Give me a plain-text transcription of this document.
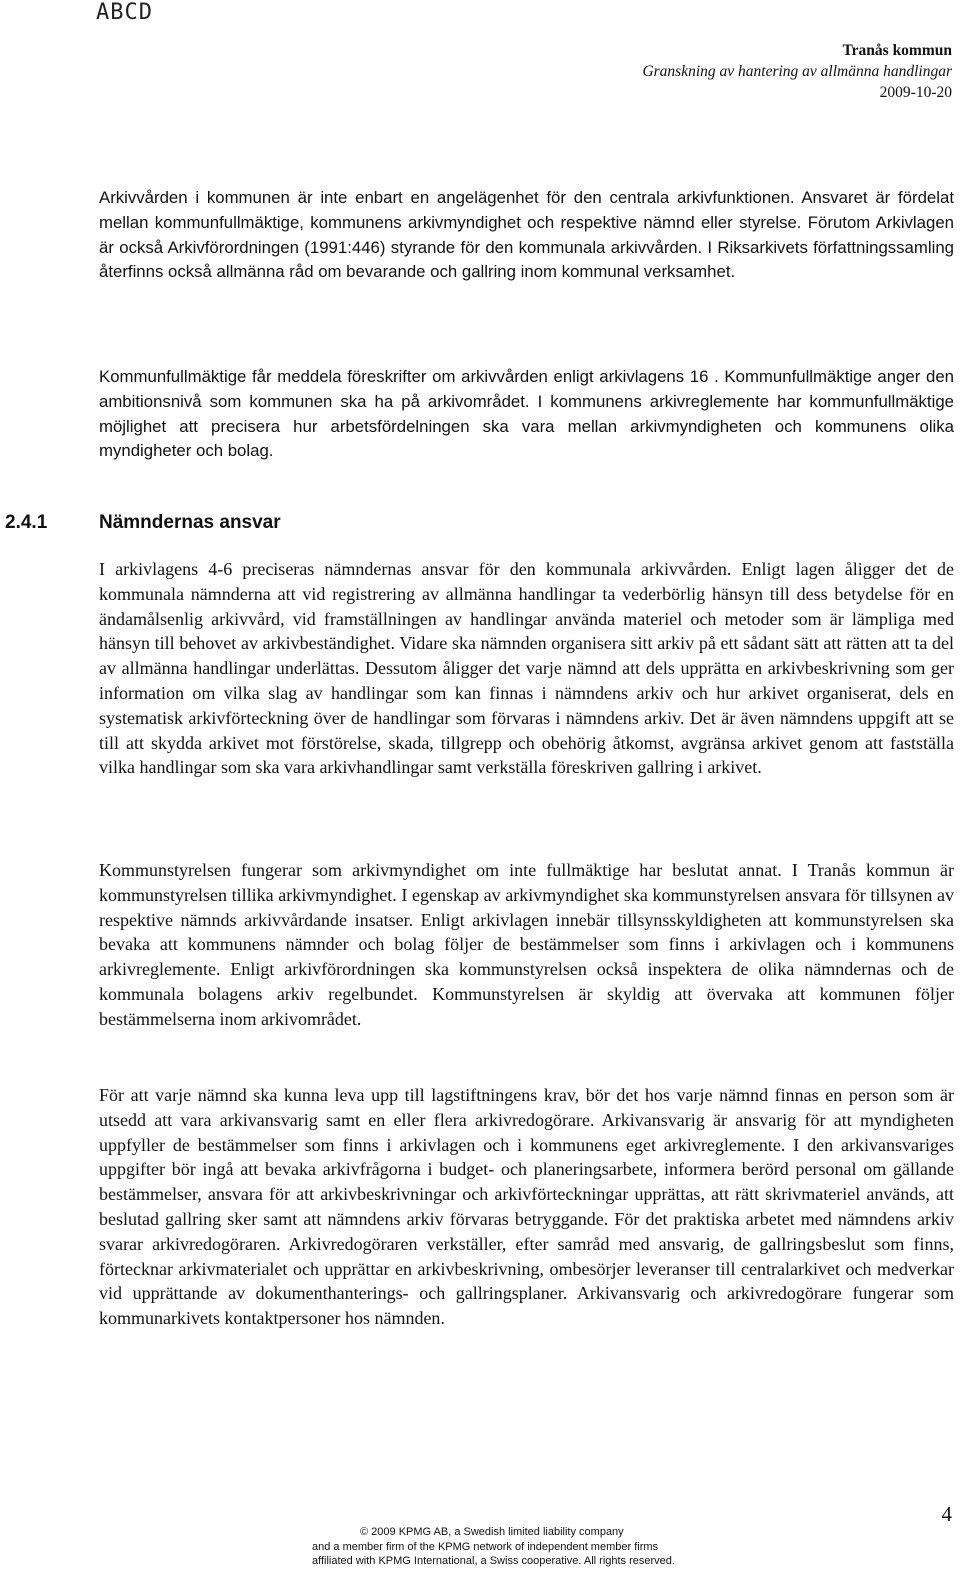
ABCD
Tranås kommun
Granskning av hantering av allmänna handlingar
2009-10-20

Arkivvården i kommunen är inte enbart en angelägenhet för den centrala arkivfunktionen. Ansvaret är fördelat mellan kommunfullmäktige, kommunens arkivmyndighet och respektive nämnd eller styrelse. Förutom Arkivlagen är också Arkivförordningen (1991:446) styrande för den kommunala arkivvården. I Riksarkivets författningssamling återfinns också allmänna råd om bevarande och gallring inom kommunal verksamhet.

Kommunfullmäktige får meddela föreskrifter om arkivvården enligt arkivlagens 16 . Kommunfullmäktige anger den ambitionsnivå som kommunen ska ha på arkivområdet. I kommunens arkivreglemente har kommunfullmäktige möjlighet att precisera hur arbetsfördelningen ska vara mellan arkivmyndigheten och kommunens olika myndigheter och bolag.

2.4.1	Nämndernas ansvar

I arkivlagens 4-6 preciseras nämndernas ansvar för den kommunala arkivvården. Enligt lagen åligger det de kommunala nämnderna att vid registrering av allmänna handlingar ta vederbörlig hänsyn till dess betydelse för en ändamålsenlig arkivvård, vid framställningen av handlingar använda materiel och metoder som är lämpliga med hänsyn till behovet av arkivbeständighet. Vidare ska nämnden organisera sitt arkiv på ett sådant sätt att rätten att ta del av allmänna handlingar underlättas. Dessutom åligger det varje nämnd att dels upprätta en arkivbeskrivning som ger information om vilka slag av handlingar som kan finnas i nämndens arkiv och hur arkivet organiserat, dels en systematisk arkivförteckning över de handlingar som förvaras i nämndens arkiv. Det är även nämndens uppgift att se till att skydda arkivet mot förstörelse, skada, tillgrepp och obehörig åtkomst, avgränsa arkivet genom att fastställa vilka handlingar som ska vara arkivhandlingar samt verkställa föreskriven gallring i arkivet.

Kommunstyrelsen fungerar som arkivmyndighet om inte fullmäktige har beslutat annat. I Tranås kommun är kommunstyrelsen tillika arkivmyndighet. I egenskap av arkivmyndighet ska kommunstyrelsen ansvara för tillsynen av respektive nämnds arkivvårdande insatser. Enligt arkivlagen innebär tillsynsskyldigheten att kommunstyrelsen ska bevaka att kommunens nämnder och bolag följer de bestämmelser som finns i arkivlagen och i kommunens arkivreglemente. Enligt arkivförordningen ska kommunstyrelsen också inspektera de olika nämndernas och de kommunala bolagens arkiv regelbundet. Kommunstyrelsen är skyldig att övervaka att kommunen följer bestämmelserna inom arkivområdet.

För att varje nämnd ska kunna leva upp till lagstiftningens krav, bör det hos varje nämnd finnas en person som är utsedd att vara arkivansvarig samt en eller flera arkivredogörare. Arkivansvarig är ansvarig för att myndigheten uppfyller de bestämmelser som finns i arkivlagen och i kommunens eget arkivreglemente. I den arkivansvariges uppgifter bör ingå att bevaka arkivfrågorna i budget- och planeringsarbete, informera berörd personal om gällande bestämmelser, ansvara för att arkivbeskrivningar och arkivförteckningar upprättas, att rätt skrivmateriel används, att beslutad gallring sker samt att nämndens arkiv förvaras betryggande. För det praktiska arbetet med nämndens arkiv svarar arkivredogöraren. Arkivredogöraren verkställer, efter samråd med ansvarig, de gallringsbeslut som finns, förtecknar arkivmaterialet och upprättar en arkivbeskrivning, ombesörjer leveranser till centralarkivet och medverkar vid upprättande av dokumenthanterings- och gallringsplaner. Arkivansvarig och arkivredogörare fungerar som kommunarkivets kontaktpersoner hos nämnden.

4
© 2009 KPMG AB, a Swedish limited liability company
and a member firm of the KPMG network of independent member firms
affiliated with KPMG International, a Swiss cooperative. All rights reserved.
